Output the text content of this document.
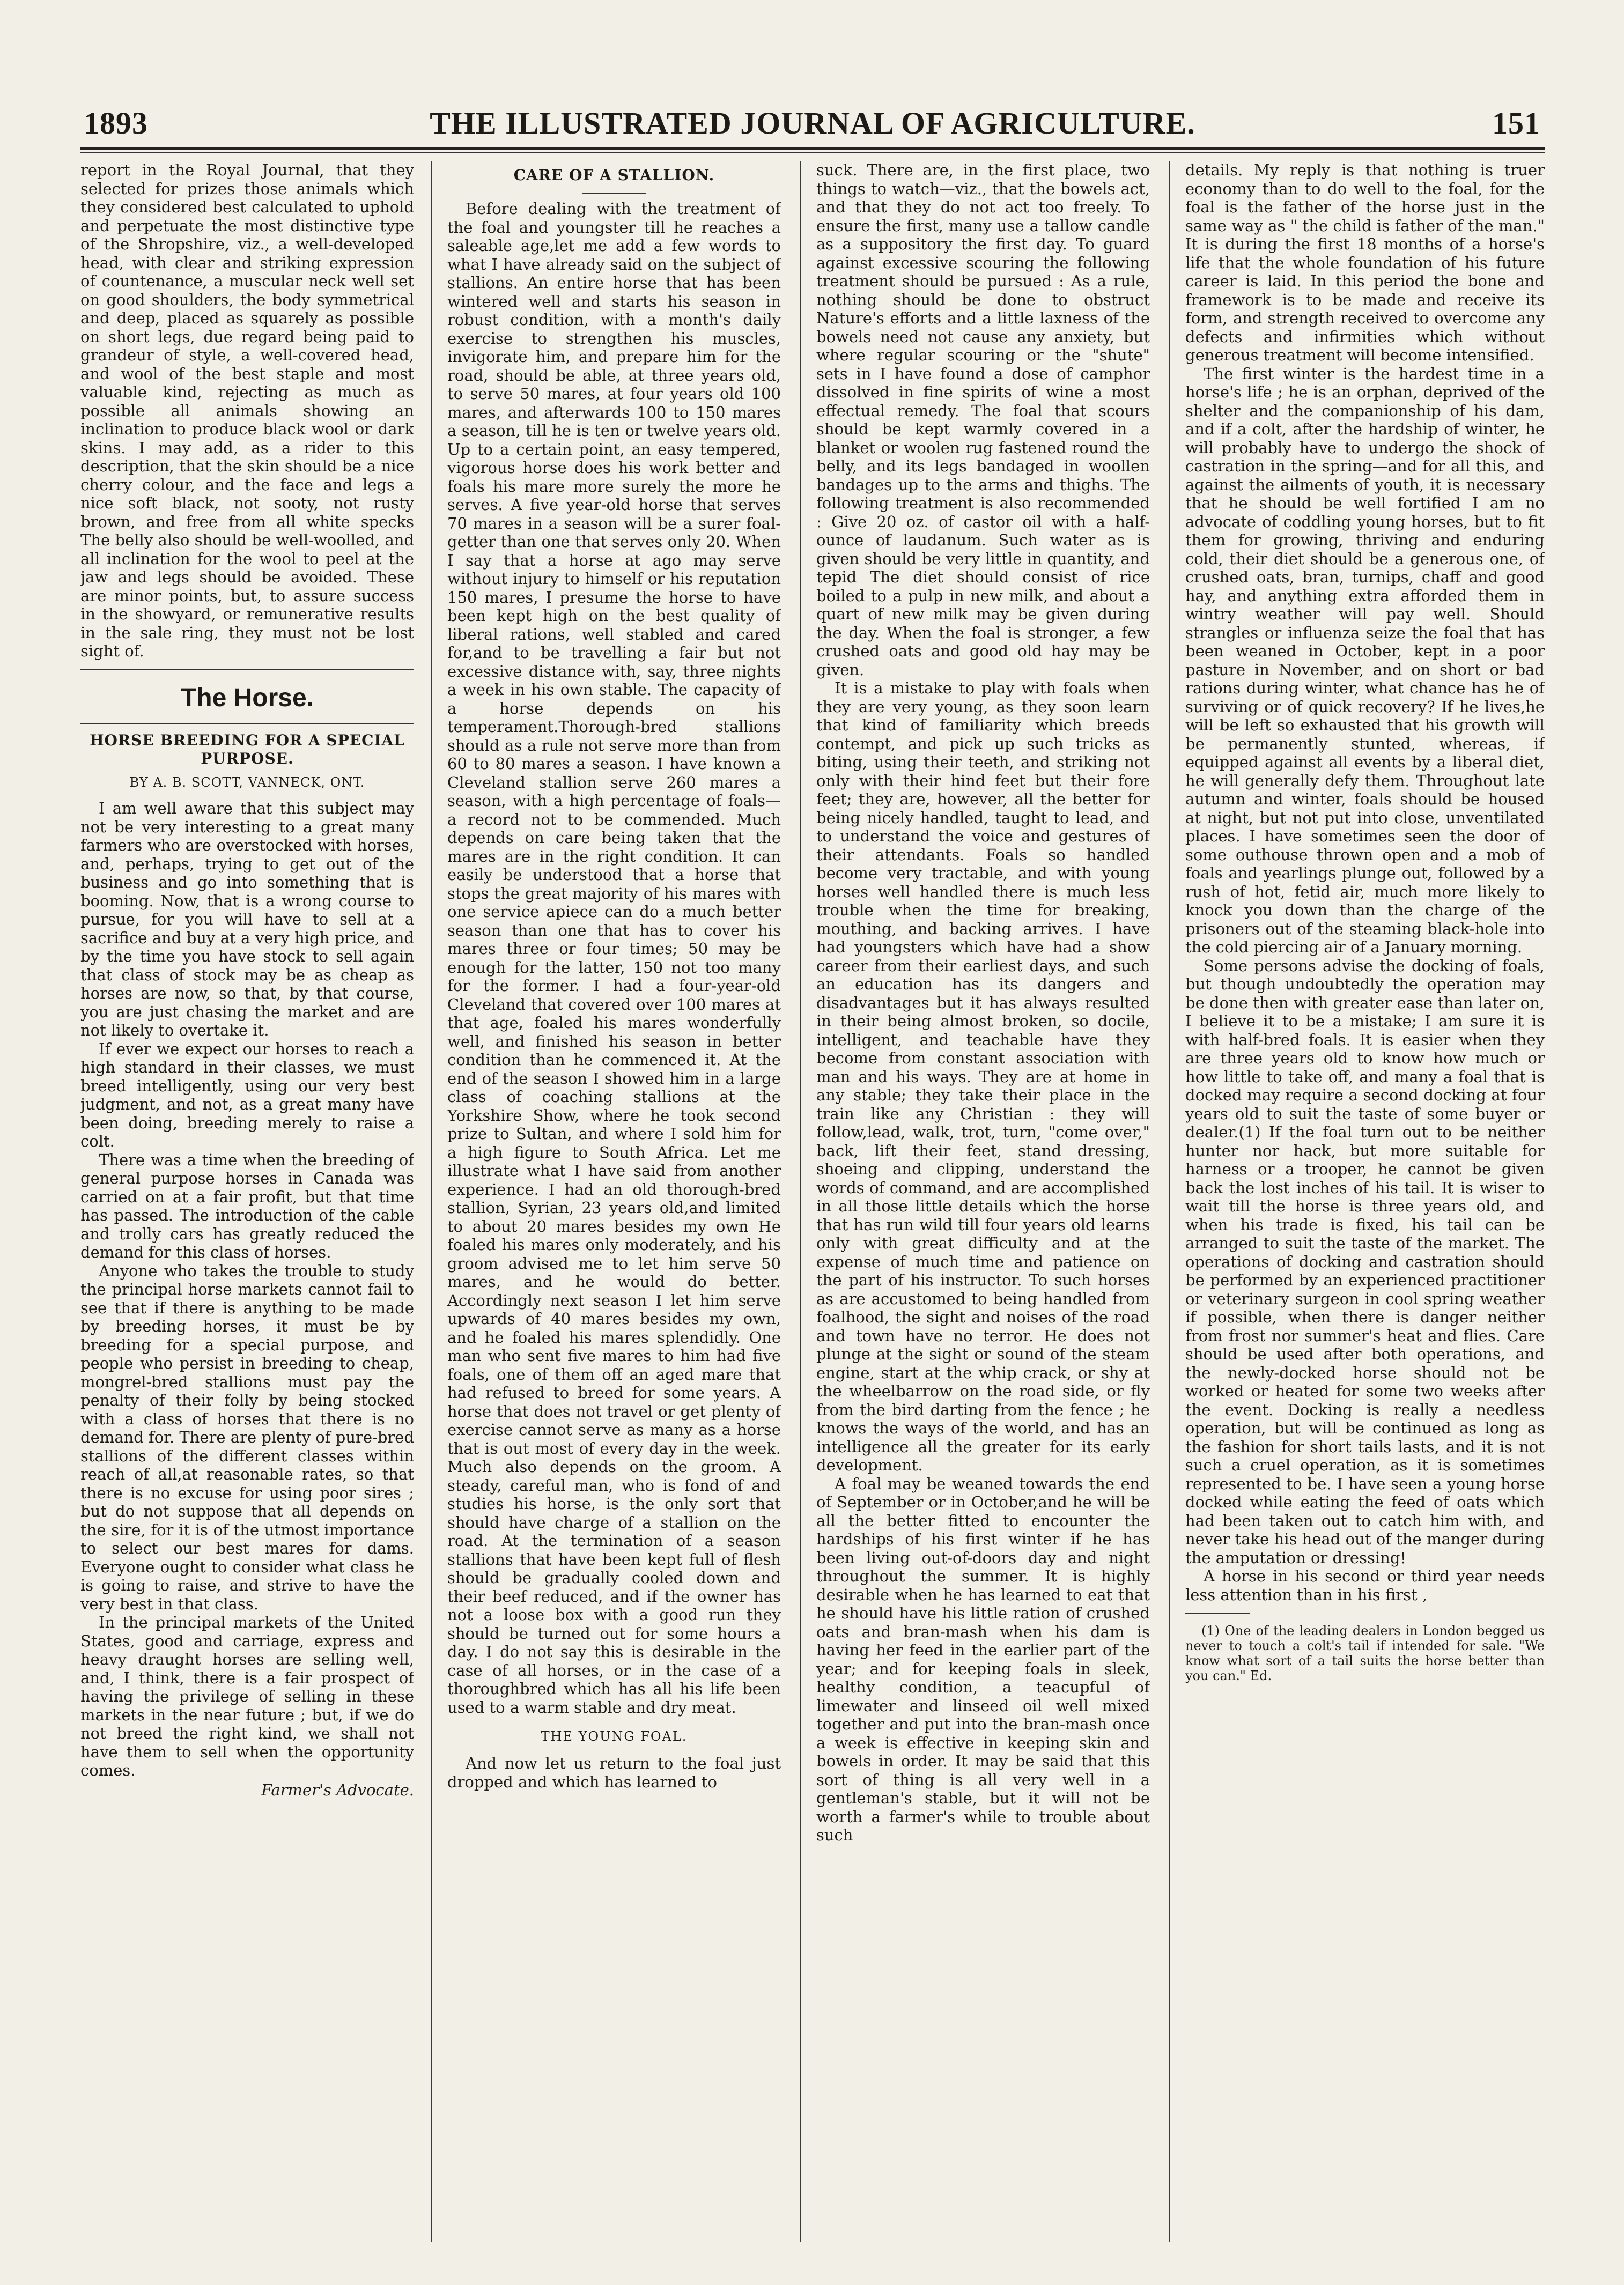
1893	THE ILLUSTRATED JOURNAL OF AGRICULTURE.	151

report in the Royal Journal, that they selected for prizes those animals which they considered best calculated to uphold and perpetuate the most distinctive type of the Shropshire, viz., a well-developed head, with clear and striking expression of countenance, a muscular neck well set on good shoulders, the body symmetrical and deep, placed as squarely as possible on short legs, due regard being paid to grandeur of style, a well-covered head, and wool of the best staple and most valuable kind, rejecting as much as possible all animals showing an inclination to produce black wool or dark skins. I may add, as a rider to this description, that the skin should be a nice cherry colour, and the face and legs a nice soft black, not sooty, not rusty brown, and free from all white specks The belly also should be well-woolled, and all inclination for the wool to peel at the jaw and legs should be avoided. These are minor points, but, to assure success in the showyard, or remunerative results in the sale ring, they must not be lost sight of.

The Horse.
HORSE BREEDING FOR A SPECIAL PURPOSE.
BY A. B. SCOTT, VANNECK, ONT.

I am well aware that this subject may not be very interesting to a great many farmers who are overstocked with horses, and, perhaps, trying to get out of the business and go into something that is booming. Now, that is a wrong course to pursue, for you will have to sell at a sacrifice and buy at a very high price, and by the time you have stock to sell again that class of stock may be as cheap as horses are now, so that, by that course, you are just chasing the market and are not likely to overtake it.

If ever we expect our horses to reach a high standard in their classes, we must breed intelligently, using our very best judgment, and not, as a great many have been doing, breeding merely to raise a colt.

There was a time when the breeding of general purpose horses in Canada was carried on at a fair profit, but that time has passed. The introduction of the cable and trolly cars has greatly reduced the demand for this class of horses.

Anyone who takes the trouble to study the principal horse markets cannot fail to see that if there is anything to be made by breeding horses, it must be by breeding for a special purpose, and people who persist in breeding to cheap, mongrel-bred stallions must pay the penalty of their folly by being stocked with a class of horses that there is no demand for. There are plenty of pure-bred stallions of the different classes within reach of all,at reasonable rates, so that there is no excuse for using poor sires ; but do not suppose that all depends on the sire, for it is of the utmost importance to select our best mares for dams. Everyone ought to consider what class he is going to raise, and strive to have the very best in that class.

In the principal markets of the United States, good and carriage, express and heavy draught horses are selling well, and, I think, there is a fair prospect of having the privilege of selling in these markets in the near future ; but, if we do not breed the right kind, we shall not have them to sell when the opportunity comes.

Farmer's Advocate.
CARE OF A STALLION.

Before dealing with the treatment of the foal and youngster till he reaches a saleable age,let me add a few words to what I have already said on the subject of stallions. An entire horse that has been wintered well and starts his season in robust condition, with a month's daily exercise to strengthen his muscles, invigorate him, and prepare him for the road, should be able, at three years old, to serve 50 mares, at four years old 100 mares, and afterwards 100 to 150 mares a season, till he is ten or twelve years old. Up to a certain point, an easy tempered, vigorous horse does his work better and foals his mare more surely the more he serves. A five year-old horse that serves 70 mares in a season will be a surer foal-getter than one that serves only 20. When I say that a horse at ago may serve without injury to himself or his reputation 150 mares, I presume the horse to have been kept high on the best quality of liberal rations, well stabled and cared for,and to be travelling a fair but not excessive distance with, say, three nights a week in his own stable. The capacity of a horse depends on his temperament.Thorough-bred stallions should as a rule not serve more than from 60 to 80 mares a season. I have known a Cleveland stallion serve 260 mares a season, with a high percentage of foals—a record not to be commended. Much depends on care being taken that the mares are in the right condition. It can easily be understood that a horse that stops the great majority of his mares with one service apiece can do a much better season than one that has to cover his mares three or four times; 50 may be enough for the latter, 150 not too many for the former. I had a four-year-old Cleveland that covered over 100 mares at that age, foaled his mares wonderfully well, and finished his season in better condition than he commenced it. At the end of the season I showed him in a large class of coaching stallions at the Yorkshire Show, where he took second prize to Sultan, and where I sold him for a high figure to South Africa. Let me illustrate what I have said from another experience. I had an old thorough-bred stallion, Syrian, 23 years old,and limited to about 20 mares besides my own He foaled his mares only moderately, and his groom advised me to let him serve 50 mares, and he would do better. Accordingly next season I let him serve upwards of 40 mares besides my own, and he foaled his mares splendidly. One man who sent five mares to him had five foals, one of them off an aged mare that had refused to breed for some years. A horse that does not travel or get plenty of exercise cannot serve as many as a horse that is out most of every day in the week. Much also depends on the groom. A steady, careful man, who is fond of and studies his horse, is the only sort that should have charge of a stallion on the road. At the termination of a season stallions that have been kept full of flesh should be gradually cooled down and their beef reduced, and if the owner has not a loose box with a good run they should be turned out for some hours a day. I do not say this is desirable in the case of all horses, or in the case of a thoroughbred which has all his life been used to a warm stable and dry meat.

THE YOUNG FOAL.

And now let us return to the foal just dropped and which has learned to

suck. There are, in the first place, two things to watch—viz., that the bowels act, and that they do not act too freely. To ensure the first, many use a tallow candle as a suppository the first day. To guard against excessive scouring the following treatment should be pursued : As a rule, nothing should be done to obstruct Nature's efforts and a little laxness of the bowels need not cause any anxiety, but where regular scouring or the "shute" sets in I have found a dose of camphor dissolved in fine spirits of wine a most effectual remedy. The foal that scours should be kept warmly covered in a blanket or woolen rug fastened round the belly, and its legs bandaged in woollen bandages up to the arms and thighs. The following treatment is also recommended : Give 20 oz. of castor oil with a half-ounce of laudanum. Such water as is given should be very little in quantity, and tepid The diet should consist of rice boiled to a pulp in new milk, and about a quart of new milk may be given during the day. When the foal is stronger, a few crushed oats and good old hay may be given.

It is a mistake to play with foals when they are very young, as they soon learn that kind of familiarity which breeds contempt, and pick up such tricks as biting, using their teeth, and striking not only with their hind feet but their fore feet; they are, however, all the better for being nicely handled, taught to lead, and to understand the voice and gestures of their attendants. Foals so handled become very tractable, and with young horses well handled there is much less trouble when the time for breaking, mouthing, and backing arrives. I have had youngsters which have had a show career from their earliest days, and such an education has its dangers and disadvantages but it has always resulted in their being almost broken, so docile, intelligent, and teachable have they become from constant association with man and his ways. They are at home in any stable; they take their place in the train like any Christian : they will follow,lead, walk, trot, turn, "come over," back, lift their feet, stand dressing, shoeing and clipping, understand the words of command, and are accomplished in all those little details which the horse that has run wild till four years old learns only with great difficulty and at the expense of much time and patience on the part of his instructor. To such horses as are accustomed to being handled from foalhood, the sight and noises of the road and town have no terror. He does not plunge at the sight or sound of the steam engine, start at the whip crack, or shy at the wheelbarrow on the road side, or fly from the bird darting from the fence ; he knows the ways of the world, and has an intelligence all the greater for its early development.

A foal may be weaned towards the end of September or in October,and he will be all the better fitted to encounter the hardships of his first winter if he has been living out-of-doors day and night throughout the summer. It is highly desirable when he has learned to eat that he should have his little ration of crushed oats and bran-mash when his dam is having her feed in the earlier part of the year; and for keeping foals in sleek, healthy condition, a teacupful of limewater and linseed oil well mixed together and put into the bran-mash once a week is effective in keeping skin and bowels in order. It may be said that this sort of thing is all very well in a gentleman's stable, but it will not be worth a farmer's while to trouble about such

details. My reply is that nothing is truer economy than to do well to the foal, for the foal is the father of the horse just in the same way as " the child is father of the man." It is during the first 18 months of a horse's life that the whole foundation of his future career is laid. In this period the bone and framework is to be made and receive its form, and strength received to overcome any defects and infirmities which without generous treatment will become intensified.

The first winter is the hardest time in a horse's life ; he is an orphan, deprived of the shelter and the companionship of his dam, and if a colt, after the hardship of winter, he will probably have to undergo the shock of castration in the spring—and for all this, and against the ailments of youth, it is necessary that he should be well fortified I am no advocate of coddling young horses, but to fit them for growing, thriving and enduring cold, their diet should be a generous one, of crushed oats, bran, turnips, chaff and good hay, and anything extra afforded them in wintry weather will pay well. Should strangles or influenza seize the foal that has been weaned in October, kept in a poor pasture in November, and on short or bad rations during winter, what chance has he of surviving or of quick recovery? If he lives,he will be left so exhausted that his growth will be permanently stunted, whereas, if equipped against all events by a liberal diet, he will generally defy them. Throughout late autumn and winter, foals should be housed at night, but not put into close, unventilated places. I have sometimes seen the door of some outhouse thrown open and a mob of foals and yearlings plunge out, followed by a rush of hot, fetid air, much more likely to knock you down than the charge of the prisoners out of the steaming black-hole into the cold piercing air of a January morning.

Some persons advise the docking of foals, but though undoubtedly the operation may be done then with greater ease than later on, I believe it to be a mistake; I am sure it is with half-bred foals. It is easier when they are three years old to know how much or how little to take off, and many a foal that is docked may require a second docking at four years old to suit the taste of some buyer or dealer.(1) If the foal turn out to be neither hunter nor hack, but more suitable for harness or a trooper, he cannot be given back the lost inches of his tail. It is wiser to wait till the horse is three years old, and when his trade is fixed, his tail can be arranged to suit the taste of the market. The operations of docking and castration should be performed by an experienced practitioner or veterinary surgeon in cool spring weather if possible, when there is danger neither from frost nor summer's heat and flies. Care should be used after both operations, and the newly-docked horse should not be worked or heated for some two weeks after the event. Docking is really a needless operation, but will be continued as long as the fashion for short tails lasts, and it is not such a cruel operation, as it is sometimes represented to be. I have seen a young horse docked while eating the feed of oats which had been taken out to catch him with, and never take his head out of the manger during the amputation or dressing!

A horse in his second or third year needs less attention than in his first ,

(1) One of the leading dealers in London begged us never to touch a colt's tail if intended for sale. "We know what sort of a tail suits the horse better than you can." Ed.
